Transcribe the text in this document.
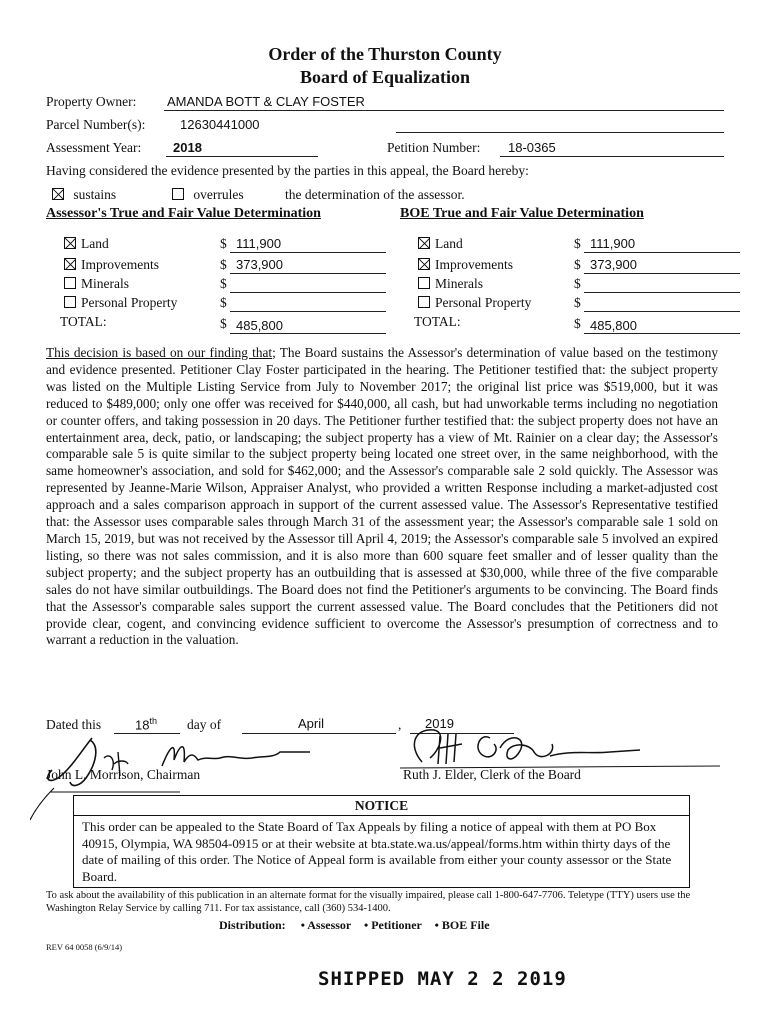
Order of the Thurston County
Board of Equalization
Property Owner: AMANDA BOTT & CLAY FOSTER
Parcel Number(s):	12630441000
Assessment Year: 2018	Petition Number: 18-0365
Having considered the evidence presented by the parties in this appeal, the Board hereby:
sustains	overrules	the determination of the assessor.
Assessor's True and Fair Value Determination	BOE True and Fair Value Determination
Land	$ 111,900
Improvements	$ 373,900
Minerals	$
Personal Property	$
TOTAL:	$ 485,800
Land	$ 111,900
Improvements	$ 373,900
Minerals	$
Personal Property	$
TOTAL:	$ 485,800
This decision is based on our finding that; The Board sustains the Assessor's determination of value based on the testimony and evidence presented. Petitioner Clay Foster participated in the hearing. The Petitioner testified that: the subject property was listed on the Multiple Listing Service from July to November 2017; the original list price was $519,000, but it was reduced to $489,000; only one offer was received for $440,000, all cash, but had unworkable terms including no negotiation or counter offers, and taking possession in 20 days. The Petitioner further testified that: the subject property does not have an entertainment area, deck, patio, or landscaping; the subject property has a view of Mt. Rainier on a clear day; the Assessor's comparable sale 5 is quite similar to the subject property being located one street over, in the same neighborhood, with the same homeowner's association, and sold for $462,000; and the Assessor's comparable sale 2 sold quickly. The Assessor was represented by Jeanne-Marie Wilson, Appraiser Analyst, who provided a written Response including a market-adjusted cost approach and a sales comparison approach in support of the current assessed value. The Assessor's Representative testified that: the Assessor uses comparable sales through March 31 of the assessment year; the Assessor's comparable sale 1 sold on March 15, 2019, but was not received by the Assessor till April 4, 2019; the Assessor's comparable sale 5 involved an expired listing, so there was not sales commission, and it is also more than 600 square feet smaller and of lesser quality than the subject property; and the subject property has an outbuilding that is assessed at $30,000, while three of the five comparable sales do not have similar outbuildings. The Board does not find the Petitioner's arguments to be convincing. The Board finds that the Assessor's comparable sales support the current assessed value. The Board concludes that the Petitioners did not provide clear, cogent, and convincing evidence sufficient to overcome the Assessor's presumption of correctness and to warrant a reduction in the valuation.
Dated this	18th day of	April	, 2019
John L. Morrison, Chairman	Ruth J. Elder, Clerk of the Board
NOTICE
This order can be appealed to the State Board of Tax Appeals by filing a notice of appeal with them at PO Box 40915, Olympia, WA 98504-0915 or at their website at bta.state.wa.us/appeal/forms.htm within thirty days of the date of mailing of this order. The Notice of Appeal form is available from either your county assessor or the State Board.
To ask about the availability of this publication in an alternate format for the visually impaired, please call 1-800-647-7706. Teletype (TTY) users use the Washington Relay Service by calling 711. For tax assistance, call (360) 534-1400.
Distribution: • Assessor • Petitioner • BOE File
REV 64 0058 (6/9/14)
SHIPPED MAY 2 2 2019
